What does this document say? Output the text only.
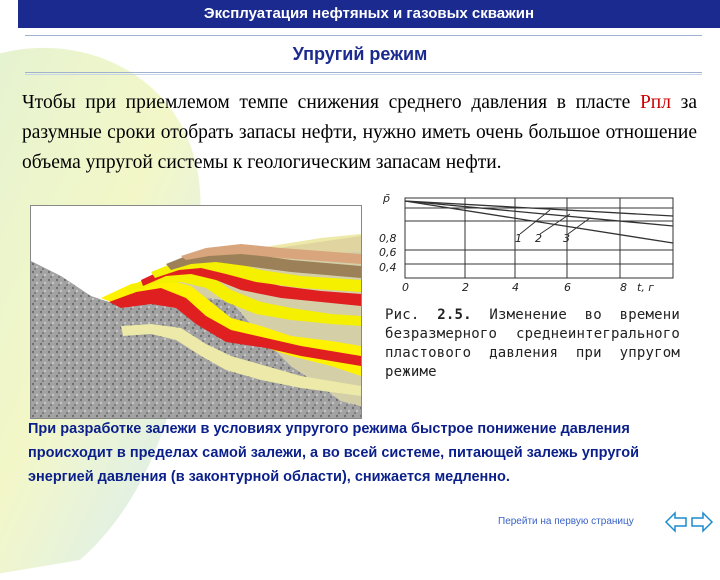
Эксплуатация нефтяных и газовых скважин
Упругий режим
Чтобы при приемлемом темпе снижения среднего давления в пласте Рпл за разумные сроки отобрать запасы нефти, нужно иметь очень большое отношение объема упругой системы к геологическим запасам нефти.
p̄
0,8
0,6
0,4
0	2	4	6	8 t, г
1 2 3
Рис. 2.5. Изменение во времени безразмерного среднеинтегрального пластового давления при упругом режиме
При разработке залежи в условиях упругого режима быстрое понижение давления происходит в пределах самой залежи, а во всей системе, питающей залежь упругой энергией давления (в законтурной области), снижается медленно.
Перейти на первую страницу
